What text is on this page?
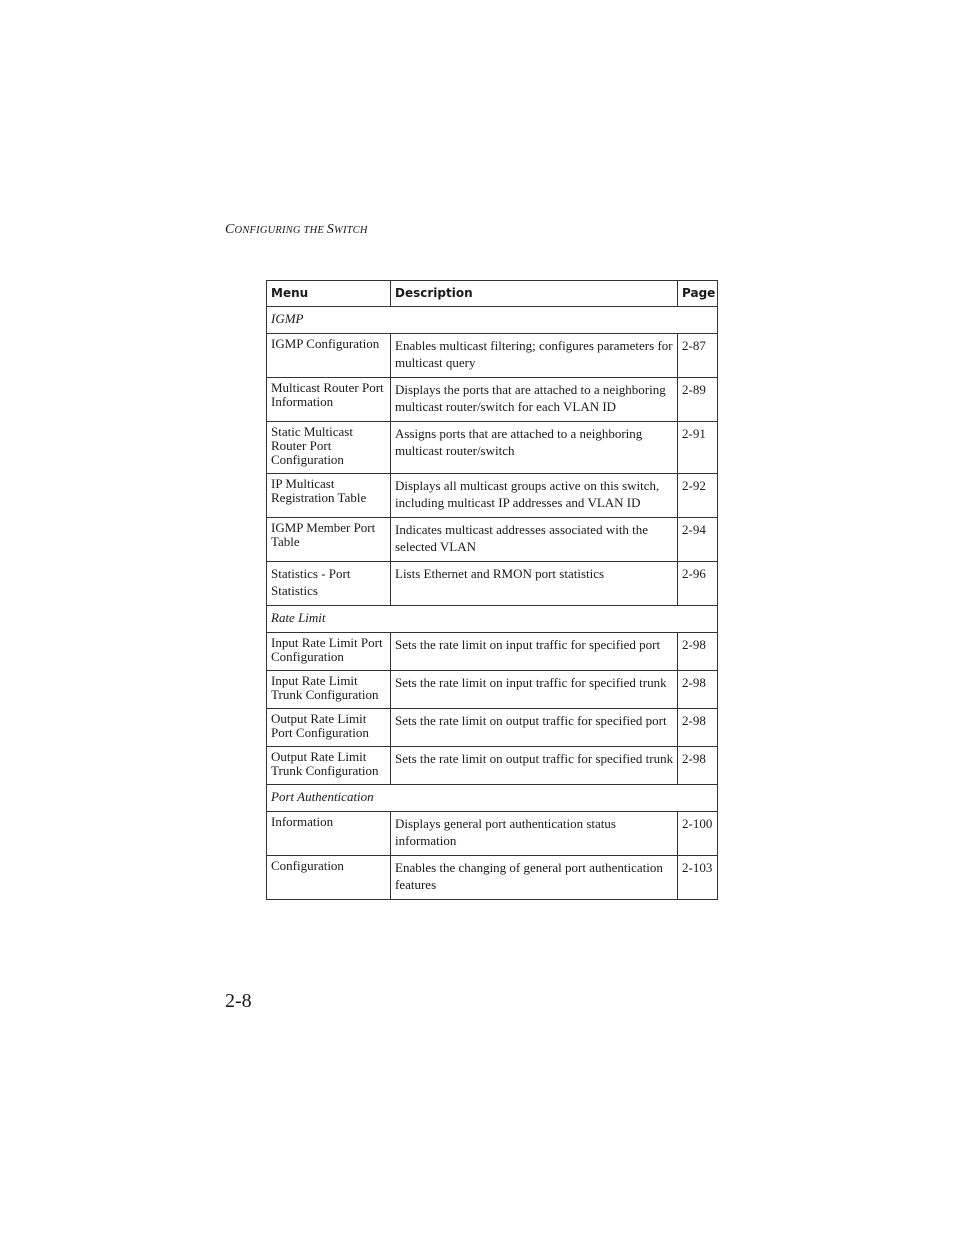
CONFIGURING THE SWITCH
Menu	Description	Page
IGMP		
IGMP Configuration	Enables multicast filtering; configures parameters for multicast query	2-87
Multicast Router Port Information	Displays the ports that are attached to a neighboring multicast router/switch for each VLAN ID	2-89
Static Multicast Router Port Configuration	Assigns ports that are attached to a neighboring multicast router/switch	2-91
IP Multicast Registration Table	Displays all multicast groups active on this switch, including multicast IP addresses and VLAN ID	2-92
IGMP Member Port Table	Indicates multicast addresses associated with the selected VLAN	2-94
Statistics - Port Statistics	Lists Ethernet and RMON port statistics	2-96
Rate Limit		
Input Rate Limit Port Configuration	Sets the rate limit on input traffic for specified port	2-98
Input Rate Limit Trunk Configuration	Sets the rate limit on input traffic for specified trunk	2-98
Output Rate Limit Port Configuration	Sets the rate limit on output traffic for specified port	2-98
Output Rate Limit Trunk Configuration	Sets the rate limit on output traffic for specified trunk	2-98
Port Authentication		
Information	Displays general port authentication status information	2-100
Configuration	Enables the changing of general port authentication features	2-103
2-8
